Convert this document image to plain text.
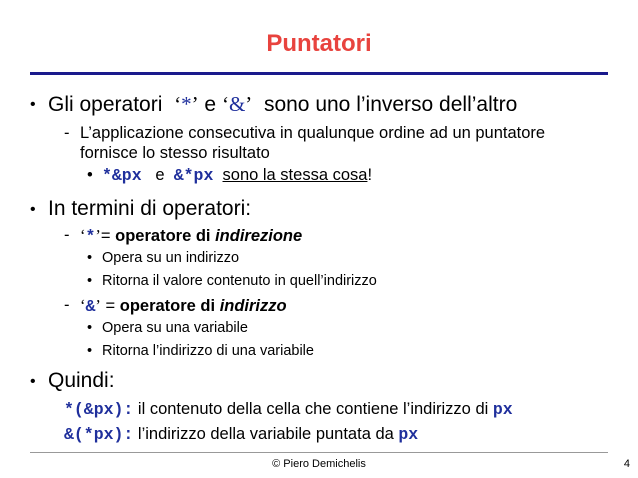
Puntatori
• Gli operatori ‘*’ e ‘&’ sono uno l’inverso dell’altro
- L’applicazione consecutiva in qualunque ordine ad un puntatore
fornisce lo stesso risultato
• *&px e &*px sono la stessa cosa!
• In termini di operatori:
- ‘*’= operatore di indirezione
• Opera su un indirizzo
• Ritorna il valore contenuto in quell’indirizzo
- ‘&’ = operatore di indirizzo
• Opera su una variabile
• Ritorna l’indirizzo di una variabile
• Quindi:
*(&px): il contenuto della cella che contiene l’indirizzo di px
&(*px): l’indirizzo della variabile puntata da px
© Piero Demichelis	4
